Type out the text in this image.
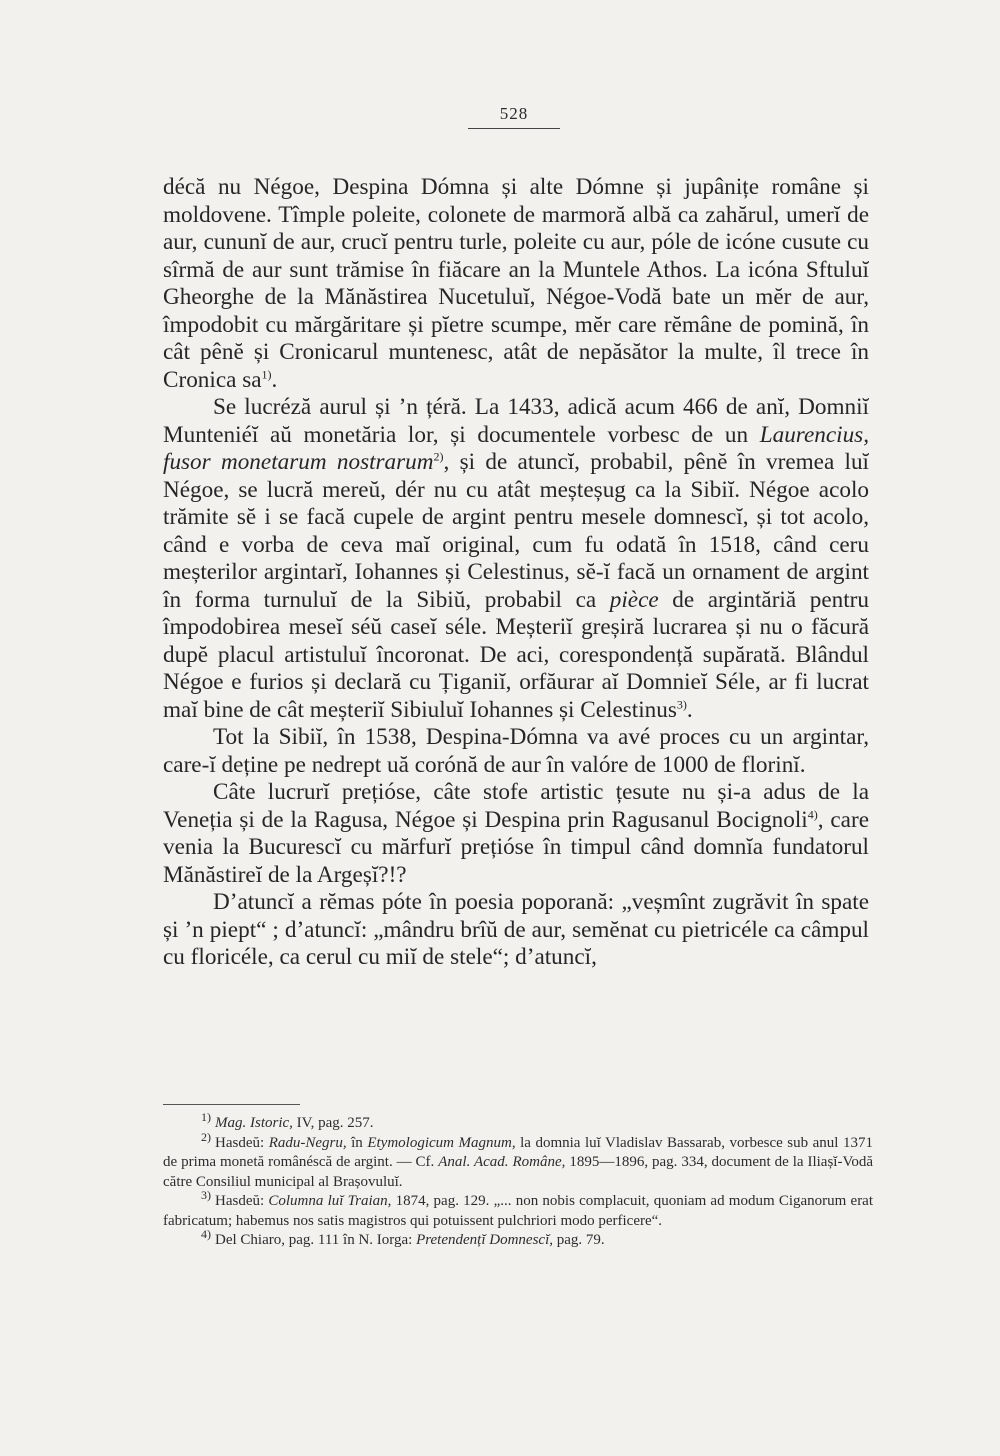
528

décă nu Négoe, Despina Dómna și alte Dómne și jupânițe române și moldovene. Tîmple poleite, colonete de marmoră albă ca zahărul, umerĭ de aur, cununĭ de aur, crucĭ pentru turle, poleite cu aur, póle de icóne cusute cu sîrmă de aur sunt trămise în fiăcare an la Muntele Athos. La icóna Sftuluĭ Gheorghe de la Mănăstirea Nucetuluĭ, Négoe-Vodă bate un mĕr de aur, împodobit cu mărgăritare și pĭetre scumpe, mĕr care rĕmâne de pomină, în cât pênĕ și Cronicarul muntenesc, atât de nepăsător la multe, îl trece în Cronica sa$^{1)}$.

Se lucréză aurul și ’n țéră. La 1433, adică acum 466 de anĭ, Domniĭ Munteniéĭ aŭ monetăria lor, și documentele vorbesc de un Laurencius, fusor monetarum nostrarum$^{2)}$, și de atuncĭ, probabil, pênĕ în vremea luĭ Négoe, se lucră mereŭ, dér nu cu atât meșteșug ca la Sibiĭ. Négoe acolo trămite sĕ i se facă cupele de argint pentru mesele domnescĭ, și tot acolo, când e vorba de ceva maĭ original, cum fu odată în 1518, când ceru meșterilor argintarĭ, Iohannes și Celestinus, sĕ-ĭ facă un ornament de argint în forma turnuluĭ de la Sibiŭ, probabil ca pièce de argintăriă pentru împodobirea meseĭ séŭ caseĭ séle. Meșteriĭ greșiră lucrarea și nu o făcură dupĕ placul artistuluĭ încoronat. De aci, corespondență supărată. Blândul Négoe e furios și declară cu Țiganiĭ, orfăurar aĭ Domnieĭ Séle, ar fi lucrat maĭ bine de cât meșteriĭ Sibiuluĭ Iohannes și Celestinus$^{3)}$.

Tot la Sibiĭ, în 1538, Despina-Dómna va avé proces cu un argintar, care-ĭ deține pe nedrept uă corónă de aur în valóre de 1000 de florinĭ.

Câte lucrurĭ prețióse, câte stofe artistic țesute nu și-a adus de la Veneția și de la Ragusa, Négoe și Despina prin Ragusanul Bocignoli$^{4)}$, care venia la Bucurescĭ cu mărfurĭ prețióse în timpul când domnĭa fundatorul Mănăstireĭ de la Argeșĭ?!?

D’atuncĭ a rĕmas póte în poesia poporană: „veșmînt zugrăvit în spate și ’n piept“ ; d’atuncĭ: „mândru brîŭ de aur, semĕnat cu pietricéle ca câmpul cu floricéle, ca cerul cu miĭ de stele“; d’atuncĭ,

$^{1)}$ Mag. Istoric, IV, pag. 257.

$^{2)}$ Hasdeŭ: Radu-Negru, în Etymologicum Magnum, la domnia luĭ Vladislav Bassarab, vorbesce sub anul 1371 de prima monetă românéscă de argint. — Cf. Anal. Acad. Române, 1895—1896, pag. 334, document de la Iliașĭ-Vodă către Consiliul municipal al Brașovuluĭ.

$^{3)}$ Hasdeŭ: Columna luĭ Traian, 1874, pag. 129. „... non nobis complacuit, quoniam ad modum Ciganorum erat fabricatum; habemus nos satis magistros qui potuissent pulchriori modo perficere“.

$^{4)}$ Del Chiaro, pag. 111 în N. Iorga: Pretendențĭ Domnescĭ, pag. 79.
